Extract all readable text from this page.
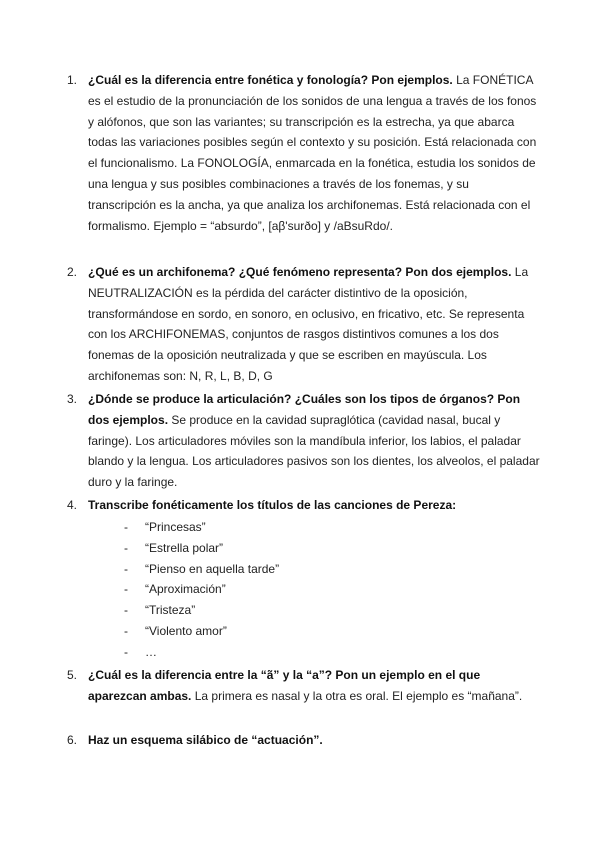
1. ¿Cuál es la diferencia entre fonética y fonología? Pon ejemplos. La FONÉTICA es el estudio de la pronunciación de los sonidos de una lengua a través de los fonos y alófonos, que son las variantes; su transcripción es la estrecha, ya que abarca todas las variaciones posibles según el contexto y su posición. Está relacionada con el funcionalismo. La FONOLOGÍA, enmarcada en la fonética, estudia los sonidos de una lengua y sus posibles combinaciones a través de los fonemas, y su transcripción es la ancha, ya que analiza los archifonemas. Está relacionada con el formalismo. Ejemplo = “absurdo”, [aβ'surðo] y /aBsuRdo/.
2. ¿Qué es un archifonema? ¿Qué fenómeno representa? Pon dos ejemplos. La NEUTRALIZACIÓN es la pérdida del carácter distintivo de la oposición, transformándose en sordo, en sonoro, en oclusivo, en fricativo, etc. Se representa con los ARCHIFONEMAS, conjuntos de rasgos distintivos comunes a los dos fonemas de la oposición neutralizada y que se escriben en mayúscula. Los archifonemas son: N, R, L, B, D, G
3. ¿Dónde se produce la articulación? ¿Cuáles son los tipos de órganos? Pon dos ejemplos. Se produce en la cavidad supraglótica (cavidad nasal, bucal y faringe). Los articuladores móviles son la mandíbula inferior, los labios, el paladar blando y la lengua. Los articuladores pasivos son los dientes, los alveolos, el paladar duro y la faringe.
4. Transcribe fonéticamente los títulos de las canciones de Pereza:
- “Princesas”
- “Estrella polar”
- “Pienso en aquella tarde”
- “Aproximación”
- “Tristeza”
- “Violento amor”
- …
5. ¿Cuál es la diferencia entre la “ã” y la “a”? Pon un ejemplo en el que aparezcan ambas. La primera es nasal y la otra es oral. El ejemplo es “mañana”.
6. Haz un esquema silábico de “actuación”.
